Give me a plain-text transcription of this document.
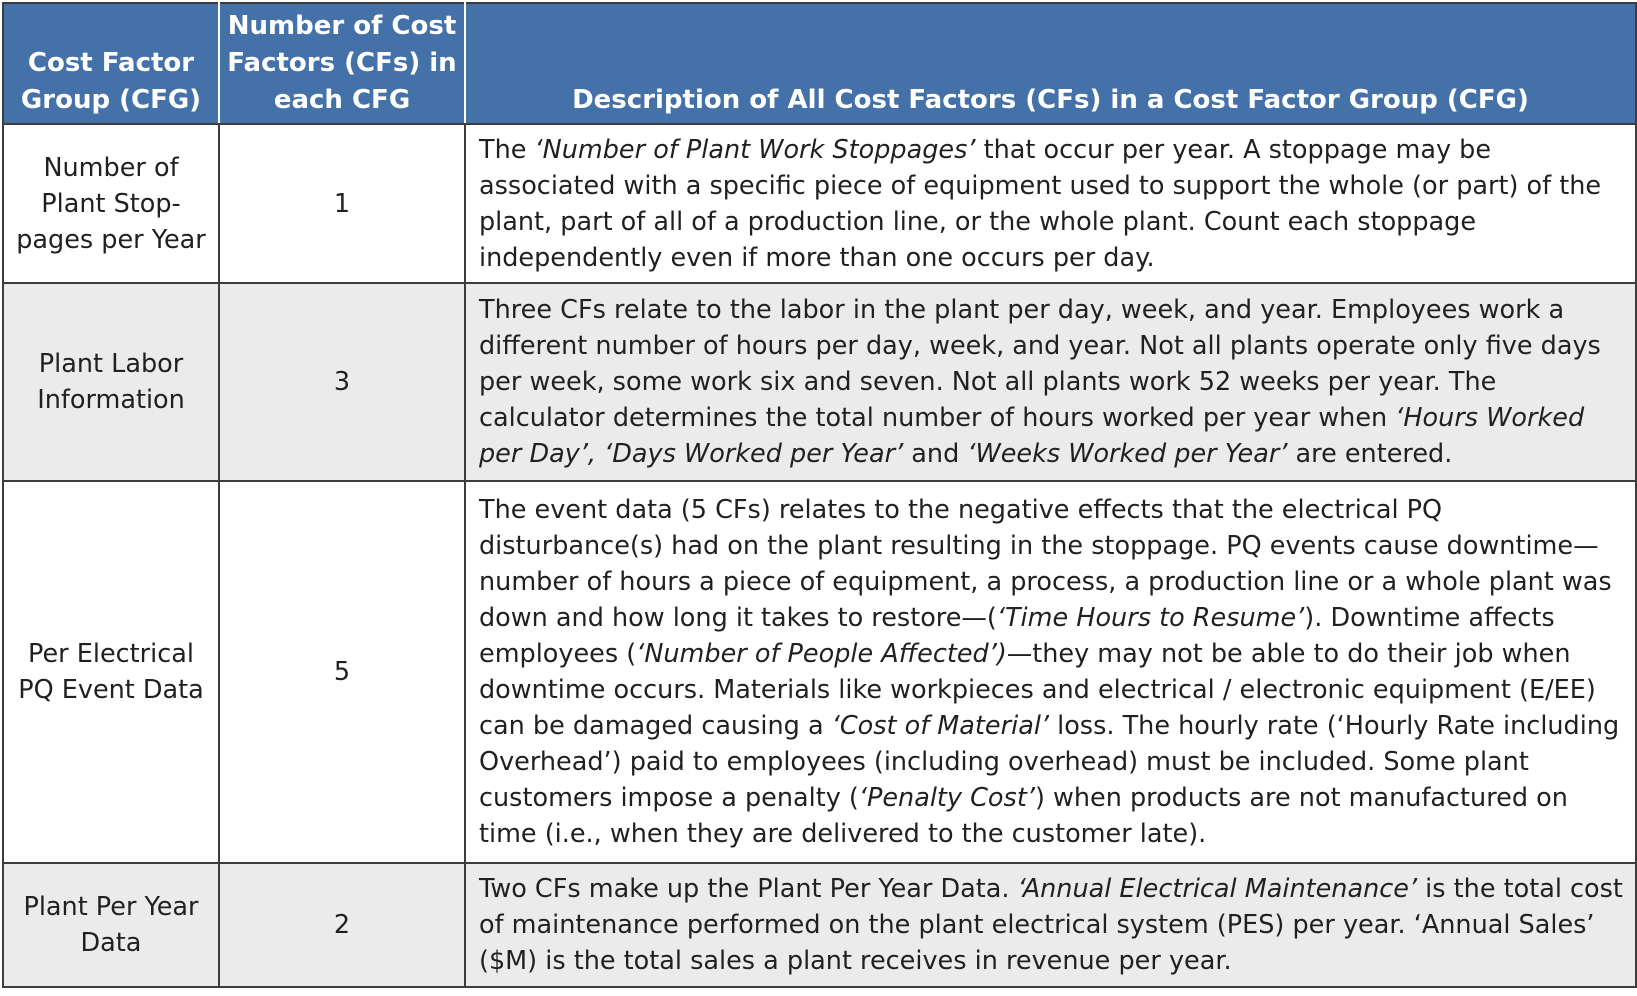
Cost Factor Group (CFG)	Number of Cost Factors (CFs) in each CFG	Description of All Cost Factors (CFs) in a Cost Factor Group (CFG)
Number of Plant Stop-pages per Year	1	The ‘Number of Plant Work Stoppages’ that occur per year. A stoppage may be associated with a specific piece of equipment used to support the whole (or part) of the plant, part of all of a production line, or the whole plant. Count each stoppage independently even if more than one occurs per day.
Plant Labor Information	3	Three CFs relate to the labor in the plant per day, week, and year. Employees work a different number of hours per day, week, and year. Not all plants operate only five days per week, some work six and seven. Not all plants work 52 weeks per year. The calculator determines the total number of hours worked per year when ‘Hours Worked per Day’, ‘Days Worked per Year’ and ‘Weeks Worked per Year’ are entered.
Per Electrical PQ Event Data	5	The event data (5 CFs) relates to the negative effects that the electrical PQ disturbance(s) had on the plant resulting in the stoppage. PQ events cause downtime—number of hours a piece of equipment, a process, a production line or a whole plant was down and how long it takes to restore—(‘Time Hours to Resume’). Downtime affects employees (‘Number of People Affected’)—they may not be able to do their job when downtime occurs. Materials like workpieces and electrical / electronic equipment (E/EE) can be damaged causing a ‘Cost of Material’ loss. The hourly rate (‘Hourly Rate including Overhead’) paid to employees (including overhead) must be included. Some plant customers impose a penalty (‘Penalty Cost’) when products are not manufactured on time (i.e., when they are delivered to the customer late).
Plant Per Year Data	2	Two CFs make up the Plant Per Year Data. ‘Annual Electrical Maintenance’ is the total cost of maintenance performed on the plant electrical system (PES) per year. ‘Annual Sales’ ($M) is the total sales a plant receives in revenue per year.
